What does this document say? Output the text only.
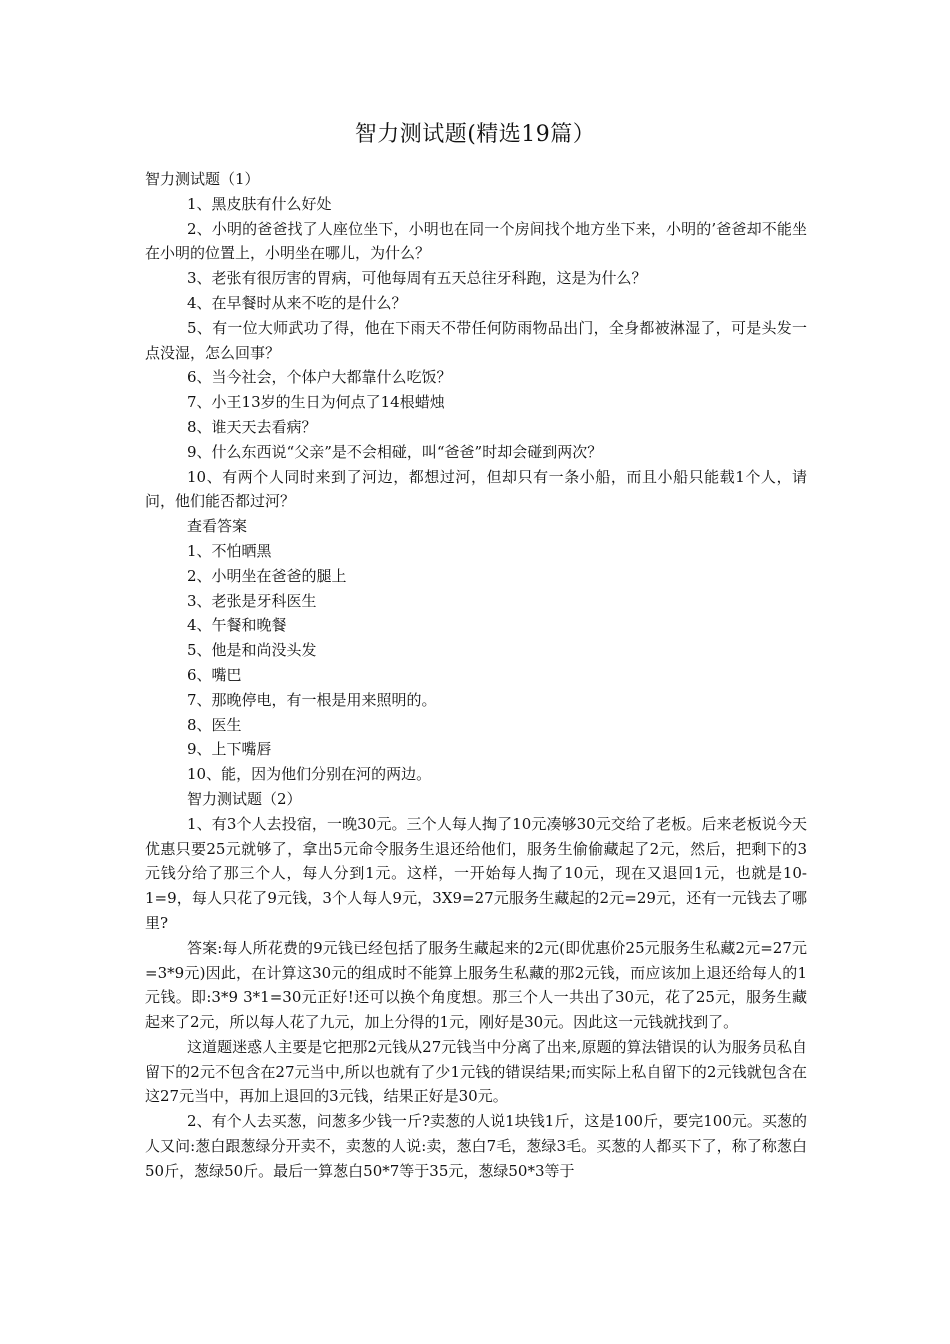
智力测试题(精选19篇）

智力测试题（1）

1、黑皮肤有什么好处

2、小明的爸爸找了人座位坐下，小明也在同一个房间找个地方坐下来，小明的’爸爸却不能坐在小明的位置上，小明坐在哪儿，为什么？

3、老张有很厉害的胃病，可他每周有五天总往牙科跑，这是为什么？

4、在早餐时从来不吃的是什么？

5、有一位大师武功了得，他在下雨天不带任何防雨物品出门，全身都被淋湿了，可是头发一点没湿，怎么回事？

6、当今社会，个体户大都靠什么吃饭？

7、小王13岁的生日为何点了14根蜡烛

8、谁天天去看病？

9、什么东西说“父亲”是不会相碰，叫“爸爸”时却会碰到两次？

10、有两个人同时来到了河边，都想过河，但却只有一条小船，而且小船只能载1个人，请问，他们能否都过河？

查看答案

1、不怕晒黑

2、小明坐在爸爸的腿上

3、老张是牙科医生

4、午餐和晚餐

5、他是和尚没头发

6、嘴巴

7、那晚停电，有一根是用来照明的。

8、医生

9、上下嘴唇

10、能，因为他们分别在河的两边。

智力测试题（2）

1、有3个人去投宿，一晚30元。三个人每人掏了10元凑够30元交给了老板。后来老板说今天优惠只要25元就够了，拿出5元命令服务生退还给他们，服务生偷偷藏起了2元，然后，把剩下的3元钱分给了那三个人，每人分到1元。这样，一开始每人掏了10元，现在又退回1元，也就是10-1=9，每人只花了9元钱，3个人每人9元，3X9=27元服务生藏起的2元=29元，还有一元钱去了哪里?

答案:每人所花费的9元钱已经包括了服务生藏起来的2元(即优惠价25元服务生私藏2元=27元=3*9元)因此，在计算这30元的组成时不能算上服务生私藏的那2元钱，而应该加上退还给每人的1元钱。即:3*9 3*1=30元正好!还可以换个角度想。那三个人一共出了30元，花了25元，服务生藏起来了2元，所以每人花了九元，加上分得的1元，刚好是30元。因此这一元钱就找到了。

这道题迷惑人主要是它把那2元钱从27元钱当中分离了出来,原题的算法错误的认为服务员私自留下的2元不包含在27元当中,所以也就有了少1元钱的错误结果;而实际上私自留下的2元钱就包含在这27元当中，再加上退回的3元钱，结果正好是30元。

2、有个人去买葱，问葱多少钱一斤?卖葱的人说1块钱1斤，这是100斤，要完100元。买葱的人又问:葱白跟葱绿分开卖不，卖葱的人说:卖，葱白7毛，葱绿3毛。买葱的人都买下了，称了称葱白50斤，葱绿50斤。最后一算葱白50*7等于35元，葱绿50*3等于
